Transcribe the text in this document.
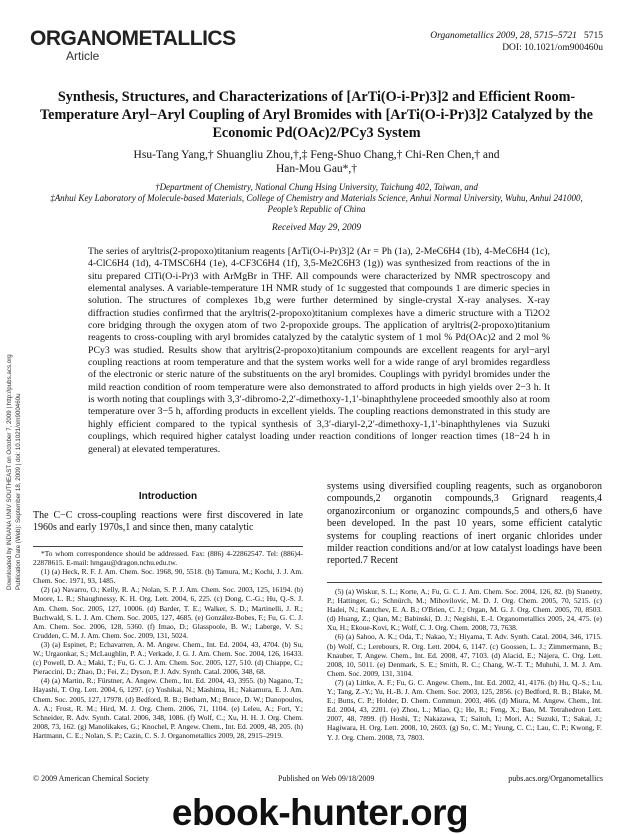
ORGANOMETALLICS
Article
Organometallics 2009, 28, 5715–5721 5715
DOI: 10.1021/om900460u
Synthesis, Structures, and Characterizations of [ArTi(O-i-Pr)3]2 and Efficient Room-Temperature Aryl−Aryl Coupling of Aryl Bromides with [ArTi(O-i-Pr)3]2 Catalyzed by the Economic Pd(OAc)2/PCy3 System
Hsu-Tang Yang,† Shuangliu Zhou,†,‡ Feng-Shuo Chang,† Chi-Ren Chen,† and
Han-Mou Gau*,†
†Department of Chemistry, National Chung Hsing University, Taichung 402, Taiwan, and
‡Anhui Key Laboratory of Molecule-based Materials, College of Chemistry and Materials Science, Anhui Normal University, Wuhu, Anhui 241000, People’s Republic of China
Received May 29, 2009
The series of aryltris(2-propoxo)titanium reagents [ArTi(O-i-Pr)3]2 (Ar = Ph (1a), 2-MeC6H4 (1b), 4-MeC6H4 (1c), 4-ClC6H4 (1d), 4-TMSC6H4 (1e), 4-CF3C6H4 (1f), 3,5-Me2C6H3 (1g)) was synthesized from reactions of the in situ prepared ClTi(O-i-Pr)3 with ArMgBr in THF. All compounds were characterized by NMR spectroscopy and elemental analyses. A variable-temperature 1H NMR study of 1c suggested that compounds 1 are dimeric species in solution. The structures of complexes 1b,g were further determined by single-crystal X-ray analyses. X-ray diffraction studies confirmed that the aryltris(2-propoxo)titanium complexes have a dimeric structure with a Ti2O2 core bridging through the oxygen atom of two 2-propoxide groups. The application of aryltris(2-propoxo)titanium reagents to cross-coupling with aryl bromides catalyzed by the catalytic system of 1 mol % Pd(OAc)2 and 2 mol % PCy3 was studied. Results show that aryltris(2-propoxo)titanium compounds are excellent reagents for aryl−aryl coupling reactions at room temperature and that the system works well for a wide range of aryl bromides regardless of the electronic or steric nature of the substituents on the aryl bromides. Couplings with pyridyl bromides under the mild reaction condition of room temperature were also demonstrated to afford products in high yields over 2−3 h. It is worth noting that couplings with 3,3′-dibromo-2,2′-dimethoxy-1,1′-binaphthylene proceeded smoothly also at room temperature over 3−5 h, affording products in excellent yields. The coupling reactions demonstrated in this study are highly efficient compared to the typical synthesis of 3,3′-diaryl-2,2′-dimethoxy-1,1′-binaphthylenes via Suzuki couplings, which required higher catalyst loading under reaction conditions of longer reaction times (18−24 h in general) at elevated temperatures.
Downloaded by INDIANA UNIV SOUTHEAST on October 7, 2009 | http://pubs.acs.org Publication Date (Web): September 18, 2009 | doi: 10.1021/om900460u	Introduction
The C−C cross-coupling reactions were first discovered in late 1960s and early 1970s,1 and since then, many catalytic
systems using diversified coupling reagents, such as organoboron compounds,2 organotin compounds,3 Grignard reagents,4 organozirconium or organozinc compounds,5 and others,6 have been developed. In the past 10 years, some efficient catalytic systems for coupling reactions of inert organic chlorides under milder reaction conditions and/or at low catalyst loadings have been reported.7 Recent
*To whom correspondence should be addressed. Fax: (886) 4-22862547. Tel: (886)4-22878615. E-mail: hmgau@dragon.nchu.edu.tw.
(1) (a) Heck, R. F. J. Am. Chem. Soc. 1968, 90, 5518. (b) Tamura, M.; Kochi, J. J. Am. Chem. Soc. 1971, 93, 1485.
(2) (a) Navarro, O.; Kelly, R. A.; Nolan, S. P. J. Am. Chem. Soc. 2003, 125, 16194. (b) Moore, L. R.; Shaughnessy, K. H. Org. Lett. 2004, 6, 225. (c) Dong, C.-G.; Hu, Q.-S. J. Am. Chem. Soc. 2005, 127, 10006. (d) Barder, T. E.; Walker, S. D.; Martinelli, J. R.; Buchwald, S. L. J. Am. Chem. Soc. 2005, 127, 4685. (e) González-Bobes, F.; Fu, G. C. J. Am. Chem. Soc. 2006, 128, 5360. (f) Imao, D.; Glasspoole, B. W.; Laberge, V. S.; Crudden, C. M. J. Am. Chem. Soc. 2009, 131, 5024.
(3) (a) Espinet, P.; Echavarren, A. M. Angew. Chem., Int. Ed. 2004, 43, 4704. (b) Su, W.; Urgaonkar, S.; McLaughlin, P. A.; Verkade, J. G. J. Am. Chem. Soc. 2004, 126, 16433. (c) Powell, D. A.; Maki, T.; Fu, G. C. J. Am. Chem. Soc. 2005, 127, 510. (d) Chiappe, C.; Pieraccini, D.; Zhao, D.; Fei, Z.; Dyson, P. J. Adv. Synth. Catal. 2006, 348, 68.
(4) (a) Martin, R.; Fürstner, A. Angew. Chem., Int. Ed. 2004, 43, 3955. (b) Nagano, T.; Hayashi, T. Org. Lett. 2004, 6, 1297. (c) Yoshikai, N.; Mashima, H.; Nakamura, E. J. Am. Chem. Soc. 2005, 127, 17978. (d) Bedford, R. B.; Betham, M.; Bruce, D. W.; Danopoulos, A. A.; Frost, R. M.; Hird, M. J. Org. Chem. 2006, 71, 1104. (e) Leleu, A.; Fort, Y.; Schneider, R. Adv. Synth. Catal. 2006, 348, 1086. (f) Wolf, C.; Xu, H. H. J. Org. Chem. 2008, 73, 162. (g) Manolikakes, G.; Knochel, P. Angew. Chem., Int. Ed. 2009, 48, 205. (h) Hartmann, C. E.; Nolan, S. P.; Cazin, C. S. J. Organometallics 2009, 28, 2915–2919.
(5) (a) Wiskur, S. L.; Korte, A.; Fu, G. C. J. Am. Chem. Soc. 2004, 126, 82. (b) Stanetty, P.; Hattinger, G.; Schnürch, M.; Mihovilovic, M. D. J. Org. Chem. 2005, 70, 5215. (c) Hadei, N.; Kantchev, E. A. B.; O'Brien, C. J.; Organ, M. G. J. Org. Chem. 2005, 70, 8503. (d) Huang, Z.; Qian, M.; Babinski, D. J.; Negishi, E.-I. Organometallics 2005, 24, 475. (e) Xu, H.; Ekoue-Kovi, K.; Wolf, C. J. Org. Chem. 2008, 73, 7638.
(6) (a) Sahoo, A. K.; Oda, T.; Nakao, Y.; Hiyama, T. Adv. Synth. Catal. 2004, 346, 1715. (b) Wolf, C.; Lerebours, R. Org. Lett. 2004, 6, 1147. (c) Goossen, L. J.; Zimmermann, B.; Knauber, T. Angew. Chem., Int. Ed. 2008, 47, 7103. (d) Alacid, E.; Nájera, C. Org. Lett. 2008, 10, 5011. (e) Denmark, S. E.; Smith, R. C.; Chang, W.-T. T.; Muhuhi, J. M. J. Am. Chem. Soc. 2009, 131, 3104.
(7) (a) Littke, A. F.; Fu, G. C. Angew. Chem., Int. Ed. 2002, 41, 4176. (b) Hu, Q.-S.; Lu, Y.; Tang, Z.-Y.; Yu, H.-B. J. Am. Chem. Soc. 2003, 125, 2856. (c) Bedford, R. B.; Blake, M. E.; Butts, C. P.; Holder, D. Chem. Commun. 2003, 466. (d) Miura, M. Angew. Chem., Int. Ed. 2004, 43, 2201. (e) Zhou, L.; Miao, Q.; He, R.; Feng, X.; Bao, M. Tetrahedron Lett. 2007, 48, 7899. (f) Hoshi, T.; Nakazawa, T.; Saitoh, I.; Mori, A.; Suzuki, T.; Sakai, J.; Hagiwara, H. Org. Lett. 2008, 10, 2603. (g) So, C. M.; Yeung, C. C.; Lau, C. P.; Kwong, F. Y. J. Org. Chem. 2008, 73, 7803.
© 2009 American Chemical Society	Published on Web 09/18/2009	pubs.acs.org/Organometallics
ebook-hunter.org
